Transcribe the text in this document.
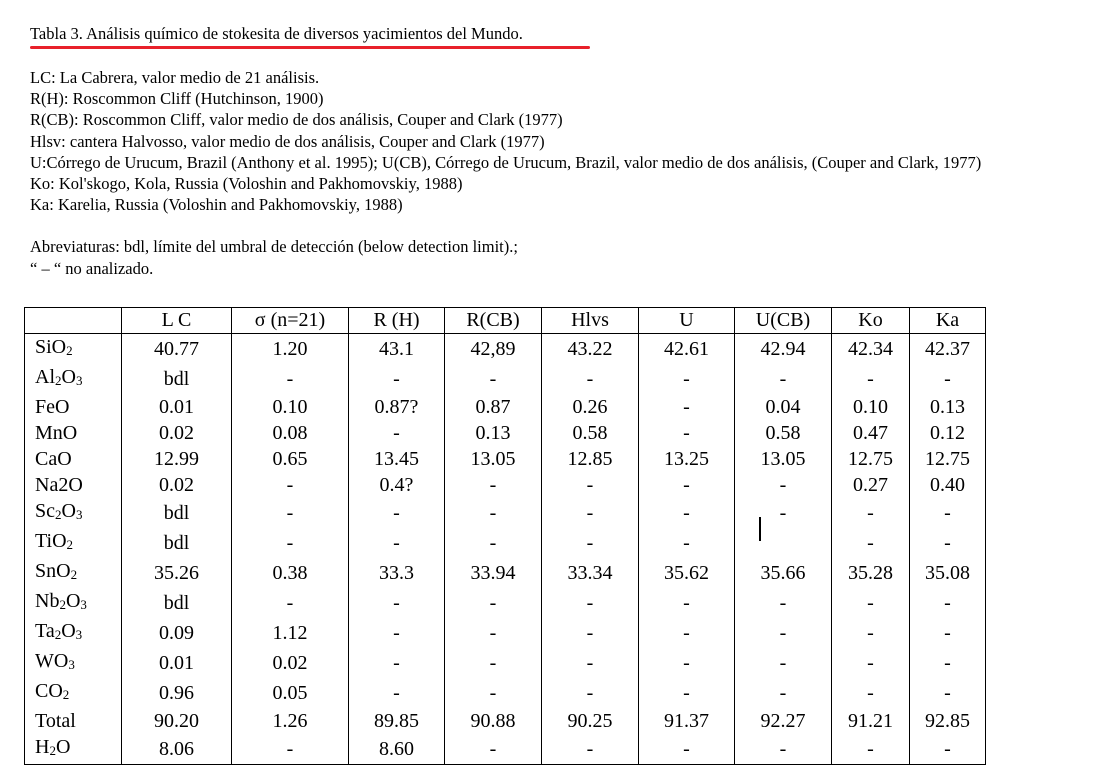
Tabla 3. Análisis químico de stokesita de diversos yacimientos del Mundo.
LC: La Cabrera, valor medio de 21 análisis.
R(H): Roscommon Cliff (Hutchinson, 1900)
R(CB): Roscommon Cliff, valor medio de dos análisis, Couper and Clark (1977)
Hlsv: cantera Halvosso, valor medio de dos análisis, Couper and Clark (1977)
U:Córrego de Urucum, Brazil (Anthony et al. 1995); U(CB), Córrego de Urucum, Brazil, valor medio de dos análisis, (Couper and Clark, 1977)
Ko: Kol'skogo, Kola, Russia (Voloshin and Pakhomovskiy, 1988)
Ka: Karelia, Russia (Voloshin and Pakhomovskiy, 1988)
Abreviaturas: bdl, límite del umbral de detección (below detection limit).;
“ – “ no analizado.
	L C	σ (n=21)	R (H)	R(CB)	Hlvs	U	U(CB)	Ko	Ka
SiO$_2$	40.77	1.20	43.1	42,89	43.22	42.61	42.94	42.34	42.37
$Al_2O_3$	bdl	-	-	-	-	-	-	-	-
FeO	0.01	0.10	0.87?	0.87	0.26	-	0.04	0.10	0.13
MnO	0.02	0.08	-	0.13	0.58	-	0.58	0.47	0.12
CaO	12.99	0.65	13.45	13.05	12.85	13.25	13.05	12.75	12.75
Na2O	0.02	-	0.4?	-	-	-	-	0.27	0.40
$Sc_2O_3$	bdl	-	-	-	-	-	-	-	-
TiO$_2$	bdl	-	-	-	-	-		-	-
SnO$_2$	35.26	0.38	33.3	33.94	33.34	35.62	35.66	35.28	35.08
$Nb_2O_3$	bdl	-	-	-	-	-	-	-	-
$Ta_2O_3$	0.09	1.12	-	-	-	-	-	-	-
$WO_3$	0.01	0.02	-	-	-	-	-	-	-
$CO_2$	0.96	0.05	-	-	-	-	-	-	-
Total	90.20	1.26	89.85	90.88	90.25	91.37	92.27	91.21	92.85
$H_2O$	8.06	-	8.60	-	-	-	-	-	-
